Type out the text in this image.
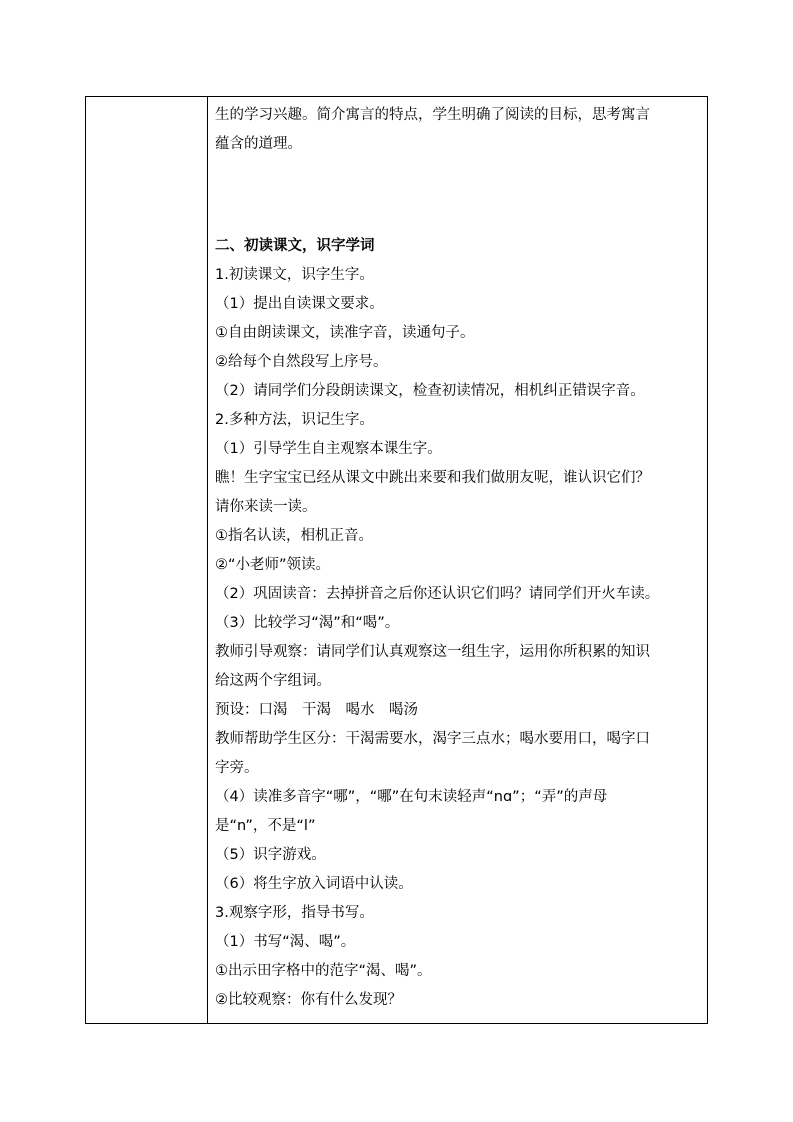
生的学习兴趣。简介寓言的特点，学生明确了阅读的目标，思考寓言
蕴含的道理。
二、初读课文，识字学词
1.初读课文，识字生字。
（1）提出自读课文要求。
①自由朗读课文，读准字音，读通句子。
②给每个自然段写上序号。
（2）请同学们分段朗读课文，检查初读情况，相机纠正错误字音。
2.多种方法，识记生字。
（1）引导学生自主观察本课生字。
瞧！生字宝宝已经从课文中跳出来要和我们做朋友呢，谁认识它们？
请你来读一读。
①指名认读，相机正音。
②“小老师”领读。
（2）巩固读音：去掉拼音之后你还认识它们吗？请同学们开火车读。
（3）比较学习“渴”和“喝”。
教师引导观察：请同学们认真观察这一组生字，运用你所积累的知识
给这两个字组词。
预设：口渴　干渴　喝水　喝汤
教师帮助学生区分：干渴需要水，渴字三点水；喝水要用口，喝字口
字旁。
（4）读准多音字“哪”，“哪”在句末读轻声“nɑ”；“弄”的声母
是“n”，不是“l”
（5）识字游戏。
（6）将生字放入词语中认读。
3.观察字形，指导书写。
（1）书写“渴、喝”。
①出示田字格中的范字“渴、喝”。
②比较观察：你有什么发现？
